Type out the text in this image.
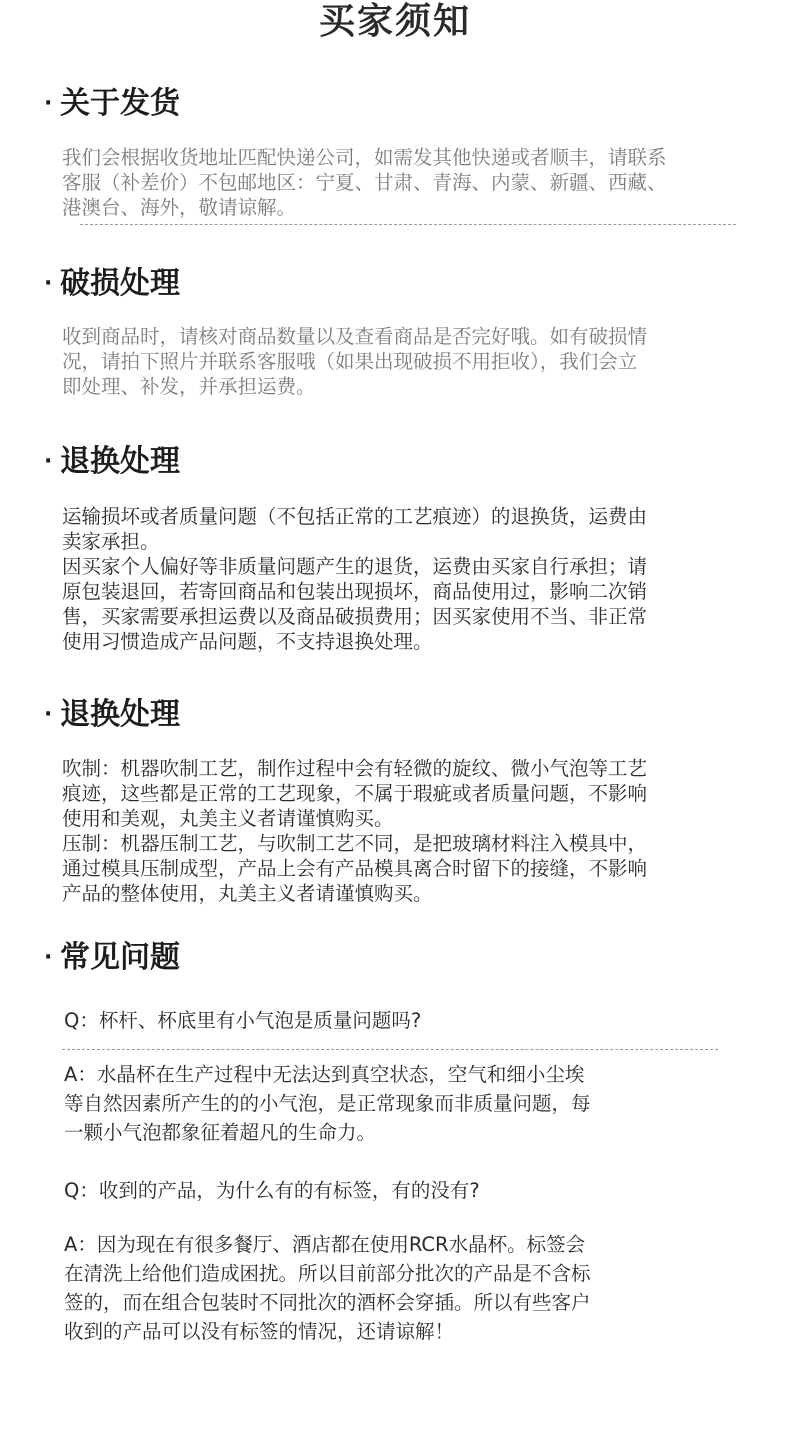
买家须知
· 关于发货

我们会根据收货地址匹配快递公司，如需发其他快递或者顺丰，请联系
客服（补差价）不包邮地区：宁夏、甘肃、青海、内蒙、新疆、西藏、
港澳台、海外，敬请谅解。

· 破损处理

收到商品时，请核对商品数量以及查看商品是否完好哦。如有破损情
况，请拍下照片并联系客服哦（如果出现破损不用拒收），我们会立
即处理、补发，并承担运费。

· 退换处理

运输损坏或者质量问题（不包括正常的工艺痕迹）的退换货，运费由
卖家承担。
因买家个人偏好等非质量问题产生的退货，运费由买家自行承担；请
原包装退回，若寄回商品和包装出现损坏，商品使用过，影响二次销
售，买家需要承担运费以及商品破损费用；因买家使用不当、非正常
使用习惯造成产品问题，不支持退换处理。

· 退换处理

吹制：机器吹制工艺，制作过程中会有轻微的旋纹、微小气泡等工艺
痕迹，这些都是正常的工艺现象，不属于瑕疵或者质量问题，不影响
使用和美观，丸美主义者请谨慎购买。
压制：机器压制工艺，与吹制工艺不同，是把玻璃材料注入模具中，
通过模具压制成型，产品上会有产品模具离合时留下的接缝，不影响
产品的整体使用，丸美主义者请谨慎购买。

· 常见问题

Q：杯杆、杯底里有小气泡是质量问题吗?

A：水晶杯在生产过程中无法达到真空状态，空气和细小尘埃
等自然因素所产生的的小气泡，是正常现象而非质量问题，每
一颗小气泡都象征着超凡的生命力。

Q：收到的产品，为什么有的有标签，有的没有?

A：因为现在有很多餐厅、酒店都在使用RCR水晶杯。标签会
在清洗上给他们造成困扰。所以目前部分批次的产品是不含标
签的，而在组合包装时不同批次的酒杯会穿插。所以有些客户
收到的产品可以没有标签的情况，还请谅解！
